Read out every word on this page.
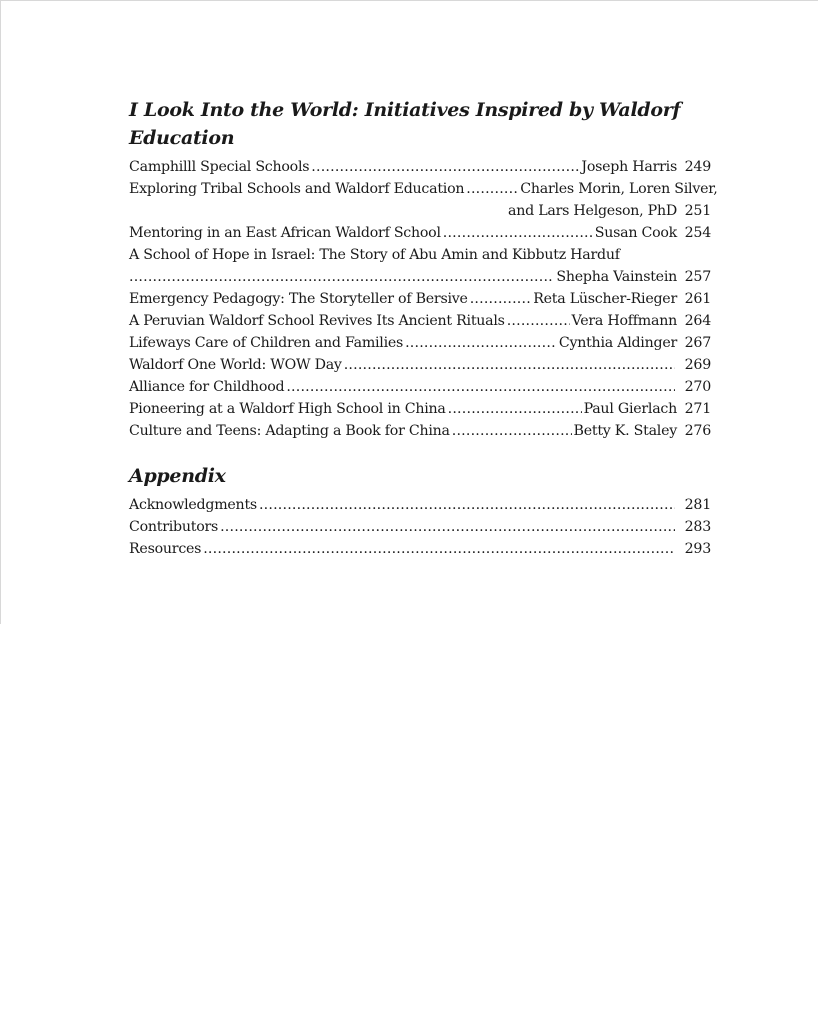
I Look Into the World: Initiatives Inspired by Waldorf Education
Camphilll Special Schools .....	Joseph Harris 249
Exploring Tribal Schools and Waldorf Education .....	Charles Morin, Loren Silver,
and Lars Helgeson, PhD 251
Mentoring in an East African Waldorf School .....	Susan Cook 254
A School of Hope in Israel: The Story of Abu Amin and Kibbutz Harduf
.....
Shepha Vainstein 257
Emergency Pedagogy: The Storyteller of Bersive .....	Reta Lüscher-Rieger 261
A Peruvian Waldorf School Revives Its Ancient Rituals .....	Vera Hoffmann 264
Lifeways Care of Children and Families .....	Cynthia Aldinger 267
Waldorf One World: WOW Day .....	269
Alliance for Childhood .....	270
Pioneering at a Waldorf High School in China .....	Paul Gierlach 271
Culture and Teens: Adapting a Book for China .....	Betty K. Staley 276
Appendix
Acknowledgments .....	281
Contributors .....	283
Resources .....	293
